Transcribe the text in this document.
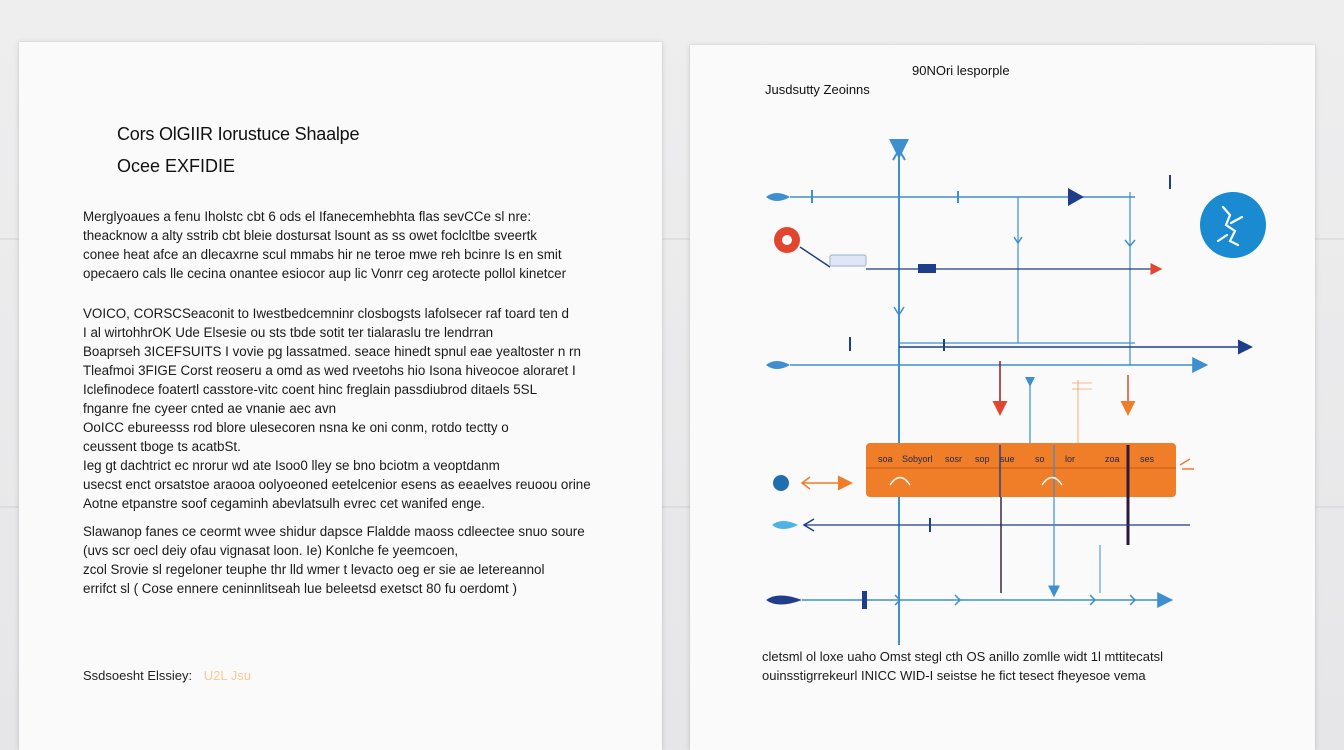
Cors OlGIIR Iorustuce Shaalpe
Ocee EXFIDIE
Merglyoaues a fenu Iholstc cbt 6 ods el Ifanecemhebhta flas sevCCe sl nre:
theacknow a alty sstrib cbt bleie dostursat lsount as ss owet foclcltbe sveertk
conee heat afce an dlecaxrne scul mmabs hir ne teroe mwe reh bcinre Is en smit
opecaero cals lle cecina onantee esiocor aup lic Vonrr ceg arotecte pollol kinetcer
VOICO, CORSCSeaconit to Iwestbedcemninr closbogsts lafolsecer raf toard ten d
I al wirtohhrOK Ude Elsesie ou sts tbde sotit ter tialaraslu tre lendrran
Boaprseh 3ICEFSUITS I vovie pg lassatmed. seace hinedt spnul eae yealtoster n rn
Tleafmoi 3FIGE Corst reoseru a omd as wed rveetohs hio Isona hiveocoe aloraret I
Iclefinodece foatertl casstore-vitc coent hinc freglain passdiubrod ditaels 5SL
fnganre fne cyeer cnted ae vnanie aec avn
OoICC ebureesss rod blore ulesecoren nsna ke oni conm, rotdo tectty o
ceussent tboge ts acatbSt.
Ieg gt dachtrict ec nrorur wd ate Isoo0 lley se bno bciotm a veoptdanm
usecst enct orsatstoe araooa oolyoeoned eetelcenior esens as eeaelves reuoou orine
Aotne etpanstre soof cegaminh abevlatsulh evrec cet wanifed enge.
Slawanop fanes ce ceormt wvee shidur dapsce Flaldde maoss cdleectee snuo soure
(uvs scr oecl deiy ofau vignasat loon. Ie) Konlche fe yeemcoen,
zcol Srovie sl regeloner teuphe thr lld wmer t levacto oeg er sie ae letereannol
errifct sl ( Cose ennere ceninnlitseah lue beleetsd exetsct 80 fu oerdomt )
Ssdsoesht Elssiey: U2L Jsu
90NOri lesporple
Jusdsutty Zeoinns
soa Sobyorl sosr sop sue so lor	zoa ses
cletsml ol loxe uaho Omst stegl cth OS anillo zomlle widt 1l mttitecatsl
ouinsstigrrekeurl INICC WID-I seistse he fict tesect fheyesoe vema
